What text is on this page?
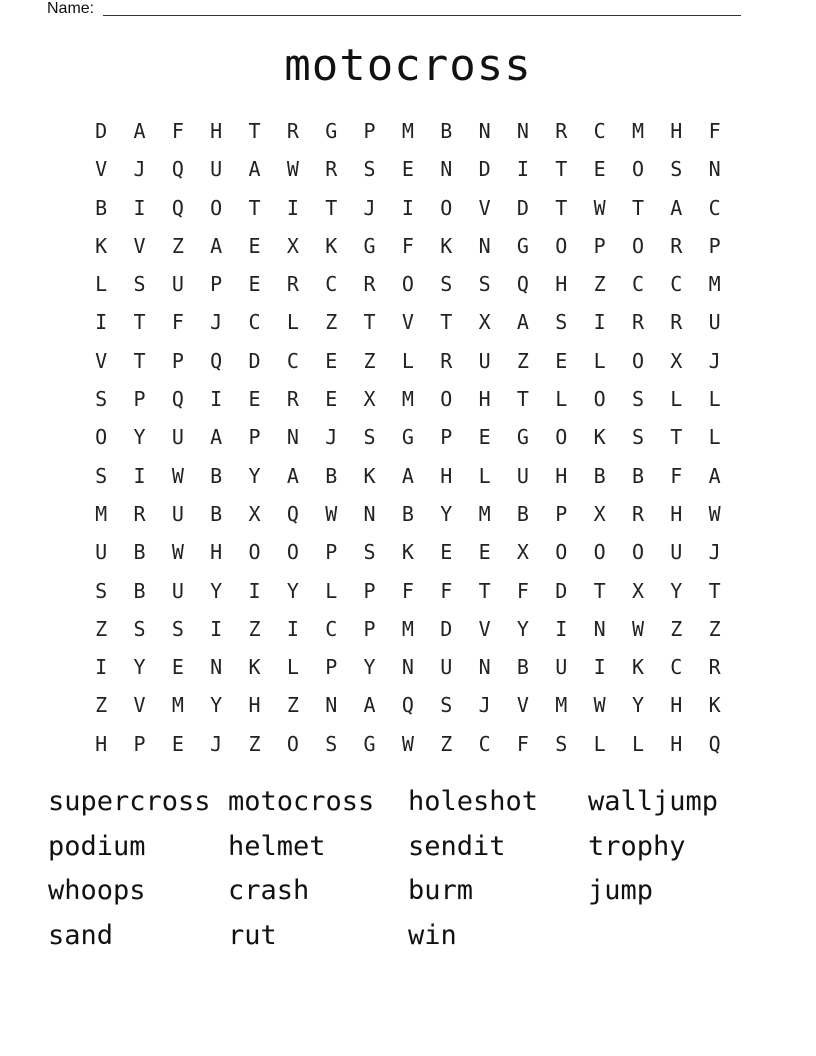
Name:
motocross
D	A	F	H	T	R	G	P	M	B	N	N	R	C	M	H	F
V	J	Q	U	A	W	R	S	E	N	D	I	T	E	O	S	N
B	I	Q	O	T	I	T	J	I	O	V	D	T	W	T	A	C
K	V	Z	A	E	X	K	G	F	K	N	G	O	P	O	R	P
L	S	U	P	E	R	C	R	O	S	S	Q	H	Z	C	C	M
I	T	F	J	C	L	Z	T	V	T	X	A	S	I	R	R	U
V	T	P	Q	D	C	E	Z	L	R	U	Z	E	L	O	X	J
S	P	Q	I	E	R	E	X	M	O	H	T	L	O	S	L	L
O	Y	U	A	P	N	J	S	G	P	E	G	O	K	S	T	L
S	I	W	B	Y	A	B	K	A	H	L	U	H	B	B	F	A
M	R	U	B	X	Q	W	N	B	Y	M	B	P	X	R	H	W
U	B	W	H	O	O	P	S	K	E	E	X	O	O	O	U	J
S	B	U	Y	I	Y	L	P	F	F	T	F	D	T	X	Y	T
Z	S	S	I	Z	I	C	P	M	D	V	Y	I	N	W	Z	Z
I	Y	E	N	K	L	P	Y	N	U	N	B	U	I	K	C	R
Z	V	M	Y	H	Z	N	A	Q	S	J	V	M	W	Y	H	K
H	P	E	J	Z	O	S	G	W	Z	C	F	S	L	L	H	Q
supercross motocross	holeshot	walljump
podium	helmet	sendit	trophy
whoops	crash	burm	jump
sand	rut	win
